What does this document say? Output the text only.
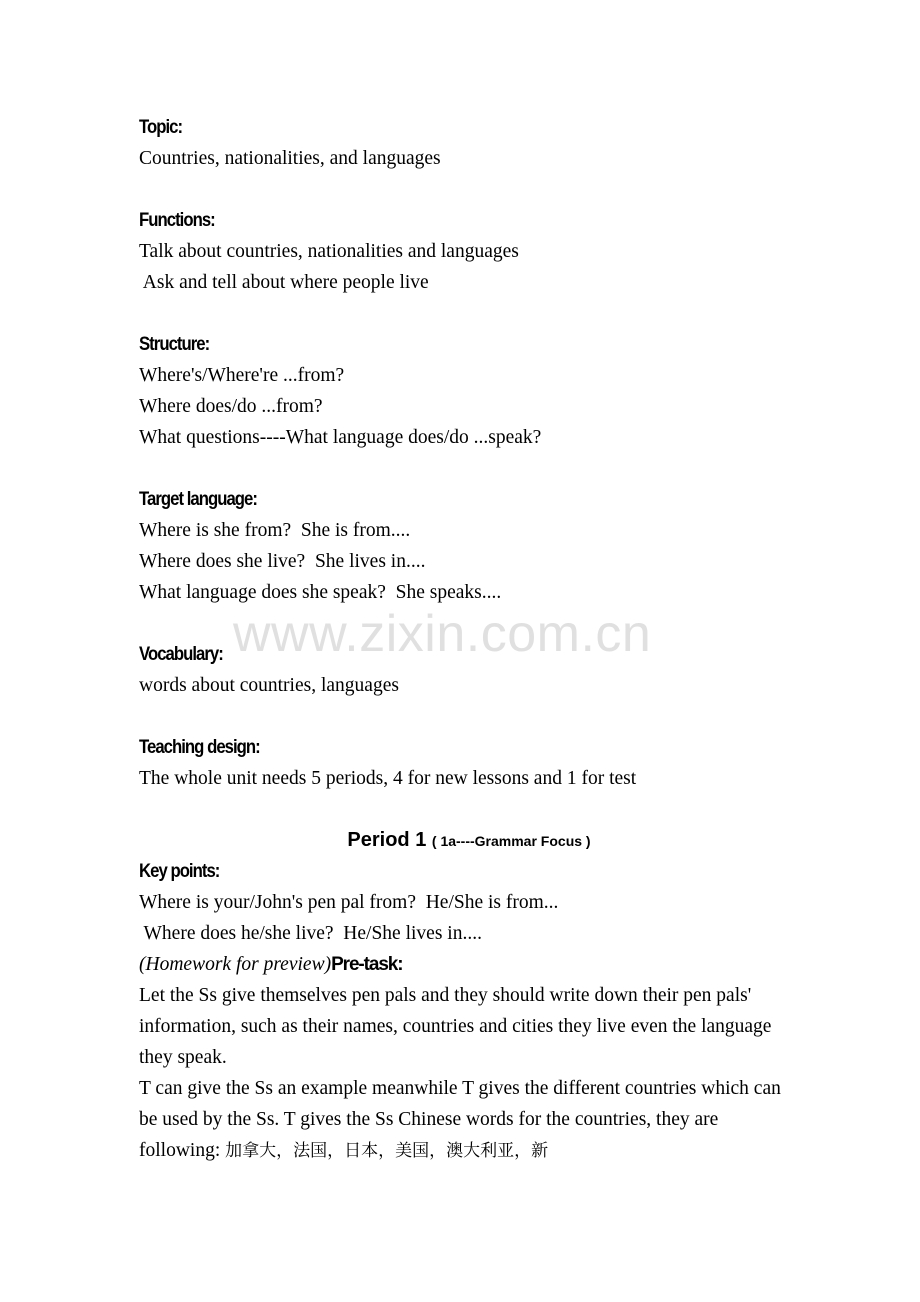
Topic:
Countries, nationalities, and languages
Functions:
Talk about countries, nationalities and languages
Ask and tell about where people live
Structure:
Where's/Where're ...from?
Where does/do ...from?
What questions----What language does/do ...speak?
Target language:
Where is she from?  She is from....
Where does she live?  She lives in....
What language does she speak?  She speaks....
Vocabulary:
words about countries, languages
Teaching design:
The whole unit needs 5 periods, 4 for new lessons and 1 for test
Period 1 ( 1a----Grammar Focus )
Key points:
Where is your/John's pen pal from?  He/She is from...
Where does he/she live?  He/She lives in....
(Homework for preview)Pre-task:
Let the Ss give themselves pen pals and they should write down their pen pals' information, such as their names, countries and cities they live even the language they speak.
T can give the Ss an example meanwhile T gives the different countries which can be used by the Ss. T gives the Ss Chinese words for the countries, they are following: 加拿大，法国，日本，美国，澳大利亚，新
www.zixin.com.cn
